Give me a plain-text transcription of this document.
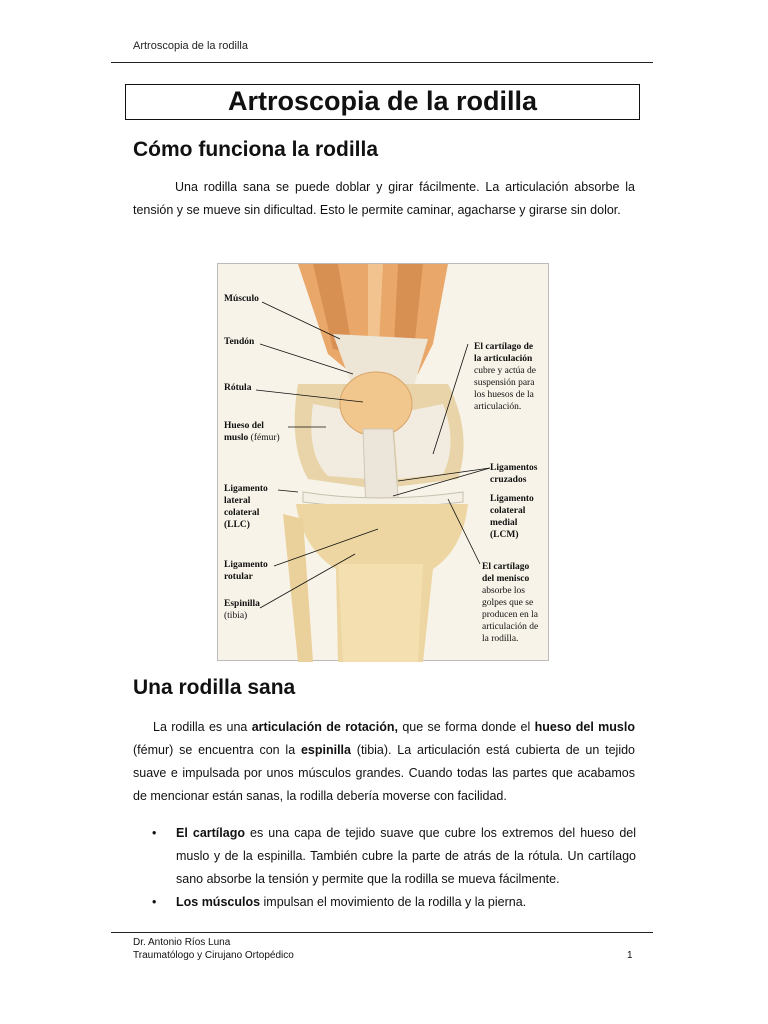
Artroscopia de la rodilla
Artroscopia de la rodilla
Cómo funciona la rodilla
Una rodilla sana se puede doblar y girar fácilmente. La articulación absorbe la tensión y se mueve sin dificultad. Esto le permite caminar, agacharse y girarse sin dolor.
Músculo
Tendón
Rótula
Hueso del
muslo (fémur)
Ligamento
lateral
colateral
(LLC)
Ligamento
rotular
Espinilla
(tibia)
El cartílago de
la articulación
cubre y actúa de
suspensión para
los huesos de la
articulación.
Ligamentos
cruzados
Ligamento
colateral
medial
(LCM)
El cartílago
del menisco
absorbe los
golpes que se
producen en la
articulación de
la rodilla.
Una rodilla sana
La rodilla es una articulación de rotación, que se forma donde el hueso del muslo (fémur) se encuentra con la espinilla (tibia). La articulación está cubierta de un tejido suave e impulsada por unos músculos grandes. Cuando todas las partes que acabamos de mencionar están sanas, la rodilla debería moverse con facilidad.
• El cartílago es una capa de tejido suave que cubre los extremos del hueso del muslo y de la espinilla. También cubre la parte de atrás de la rótula. Un cartílago sano absorbe la tensión y permite que la rodilla se mueva fácilmente.
• Los músculos impulsan el movimiento de la rodilla y la pierna.
Dr. Antonio Ríos Luna
Traumatólogo y Cirujano Ortopédico	1
